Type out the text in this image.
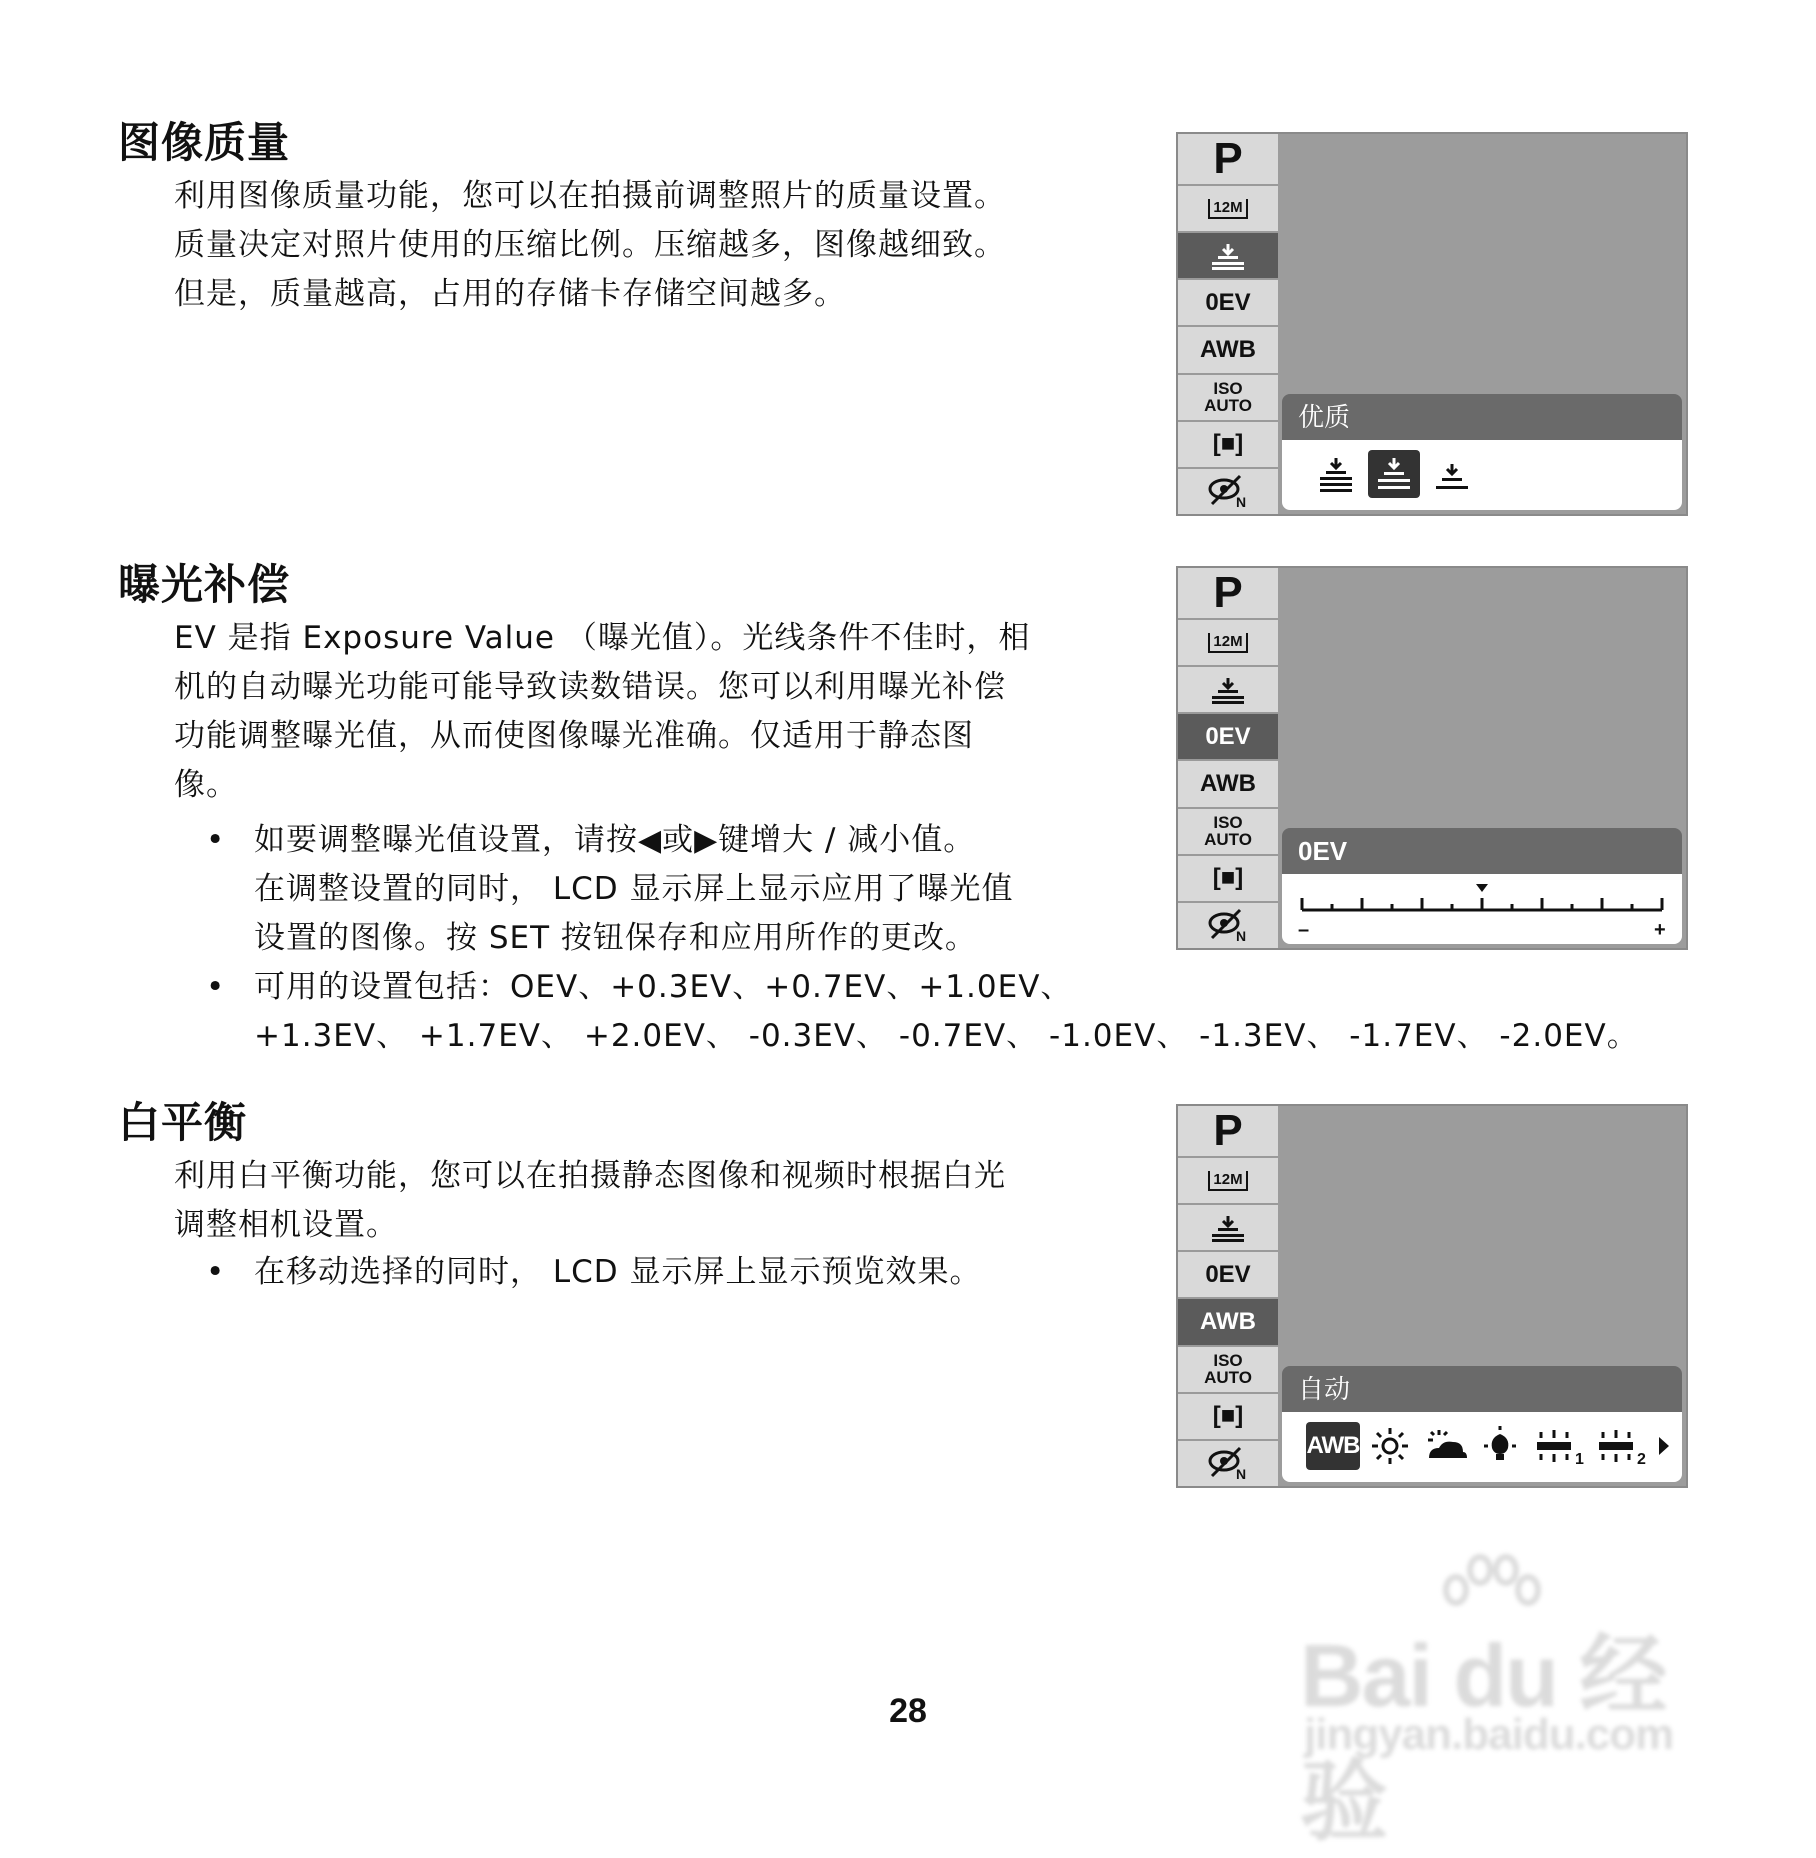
图像质量
利用图像质量功能，您可以在拍摄前调整照片的质量设置。
质量决定对照片使用的压缩比例。压缩越多，图像越细致。
但是，质量越高，占用的存储卡存储空间越多。
P
12M
0EV
AWB
ISO
AUTO
[■]
N
优质
曝光补偿
EV 是指 Exposure Value （曝光值）。光线条件不佳时，相
机的自动曝光功能可能导致读数错误。您可以利用曝光补偿
功能调整曝光值，从而使图像曝光准确。仅适用于静态图
像。
• 如要调整曝光值设置，请按◀或▶键增大 / 减小值。
在调整设置的同时， LCD 显示屏上显示应用了曝光值
设置的图像。按 SET 按钮保存和应用所作的更改。
• 可用的设置包括：OEV、+0.3EV、+0.7EV、+1.0EV、
+1.3EV、 +1.7EV、 +2.0EV、 -0.3EV、 -0.7EV、 -1.0EV、 -1.3EV、 -1.7EV、 -2.0EV。
P
12M
0EV
AWB
ISO
AUTO
[■]
N
0EV
–	+
白平衡
利用白平衡功能，您可以在拍摄静态图像和视频时根据白光
调整相机设置。
• 在移动选择的同时， LCD 显示屏上显示预览效果。
P
12M
0EV
AWB
ISO
AUTO
[■]
N
自动
AWB
1	2

28	Bai du 经验
jingyan.baidu.com
